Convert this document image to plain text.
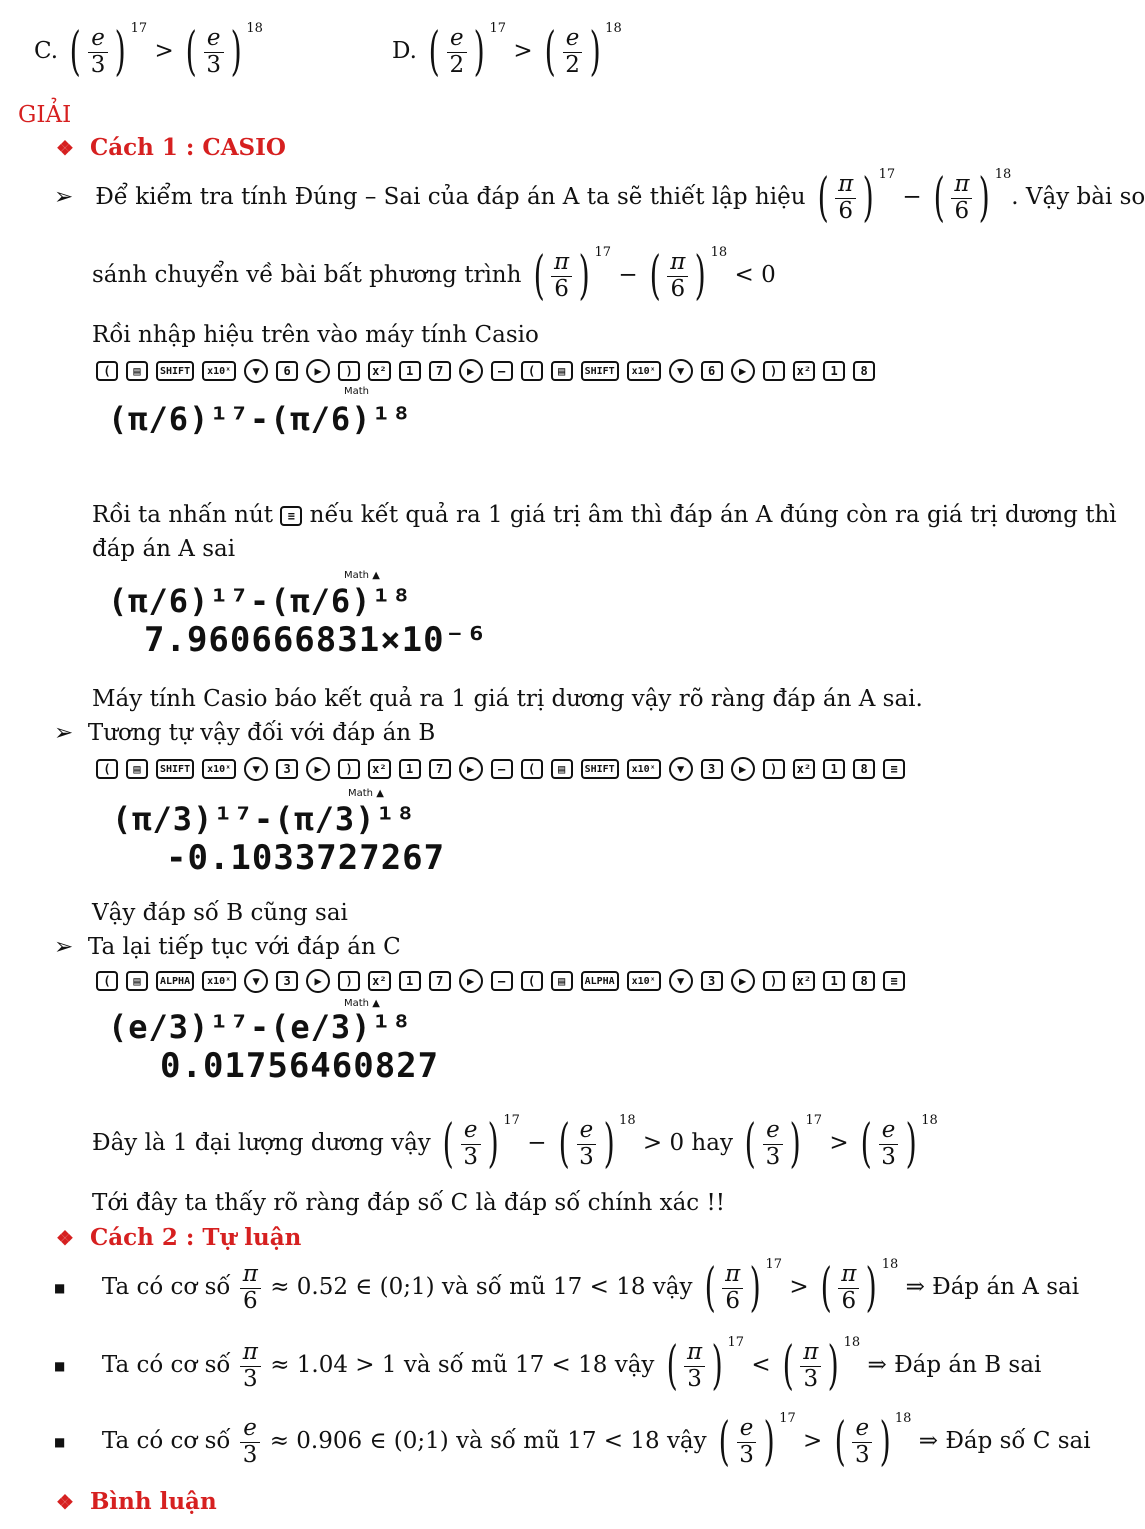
C. ( $\frac{e}{3}$ ) $^{17}$ > ( $\frac{e}{3}$ ) $^{18}$
D. ( $\frac{e}{2}$ ) $^{17}$ > ( $\frac{e}{2}$ ) $^{18}$
GIẢI
❖ Cách 1 : CASIO
➢ Để kiểm tra tính Đúng – Sai của đáp án A ta sẽ thiết lập hiệu ( $\frac{\pi}{6}$ ) $^{17}$ − ( $\frac{\pi}{6}$ ) $^{18}$. Vậy bài so
sánh chuyển về bài bất phương trình ( $\frac{\pi}{6}$ ) $^{17}$ − ( $\frac{\pi}{6}$ ) $^{18}$ < 0
Rồi nhập hiệu trên vào máy tính Casio
(	▤	SHIFT	x10ˣ	▼	6	▶	)	x²	1	7	▶	—	(	▤	SHIFT	x10ˣ	▼	6	▶	)	x²	1	8
Math
(π/6)¹⁷-(π/6)¹⁸
Rồi ta nhấn nút ≡ nếu kết quả ra 1 giá trị âm thì đáp án A đúng còn ra giá trị dương thì
đáp án A sai
Math ▲
(π/6)¹⁷-(π/6)¹⁸
7.960666831×10⁻⁶
Máy tính Casio báo kết quả ra 1 giá trị dương vậy rõ ràng đáp án A sai.
➢ Tương tự vậy đối với đáp án B
(	▤	SHIFT	x10ˣ	▼	3	▶	)	x²	1	7	▶	—	(	▤	SHIFT	x10ˣ	▼	3	▶	)	x²	1	8	≡
Math ▲
(π/3)¹⁷-(π/3)¹⁸
-0.1033727267
Vậy đáp số B cũng sai
➢ Ta lại tiếp tục với đáp án C
(	▤	ALPHA	x10ˣ	▼	3	▶	)	x²	1	7	▶	—	(	▤	ALPHA	x10ˣ	▼	3	▶	)	x²	1	8	≡
Math ▲
(e/3)¹⁷-(e/3)¹⁸
0.01756460827
Đây là 1 đại lượng dương vậy ( $\frac{e}{3}$ ) $^{17}$ − ( $\frac{e}{3}$ ) $^{18}$ > 0 hay ( $\frac{e}{3}$ ) $^{17}$ > ( $\frac{e}{3}$ ) $^{18}$
Tới đây ta thấy rõ ràng đáp số C là đáp số chính xác !!
❖ Cách 2 : Tự luận
■ Ta có cơ số $\frac{\pi}{6} \approx 0.52$ ∈ (0;1) và số mũ 17 < 18 vậy ( $\frac{\pi}{6}$ ) $^{17}$ > ( $\frac{\pi}{6}$ ) $^{18}$ ⇒ Đáp án A sai
■ Ta có cơ số $\frac{\pi}{3} \approx 1.04 > 1$ và số mũ 17 < 18 vậy ( $\frac{\pi}{3}$ ) $^{17}$ < ( $\frac{\pi}{3}$ ) $^{18}$ ⇒ Đáp án B sai
■ Ta có cơ số $\frac{e}{3} \approx 0.906$ ∈ (0;1) và số mũ 17 < 18 vậy ( $\frac{e}{3}$ ) $^{17}$ > ( $\frac{e}{3}$ ) $^{18}$ ⇒ Đáp số C sai
❖ Bình luận
